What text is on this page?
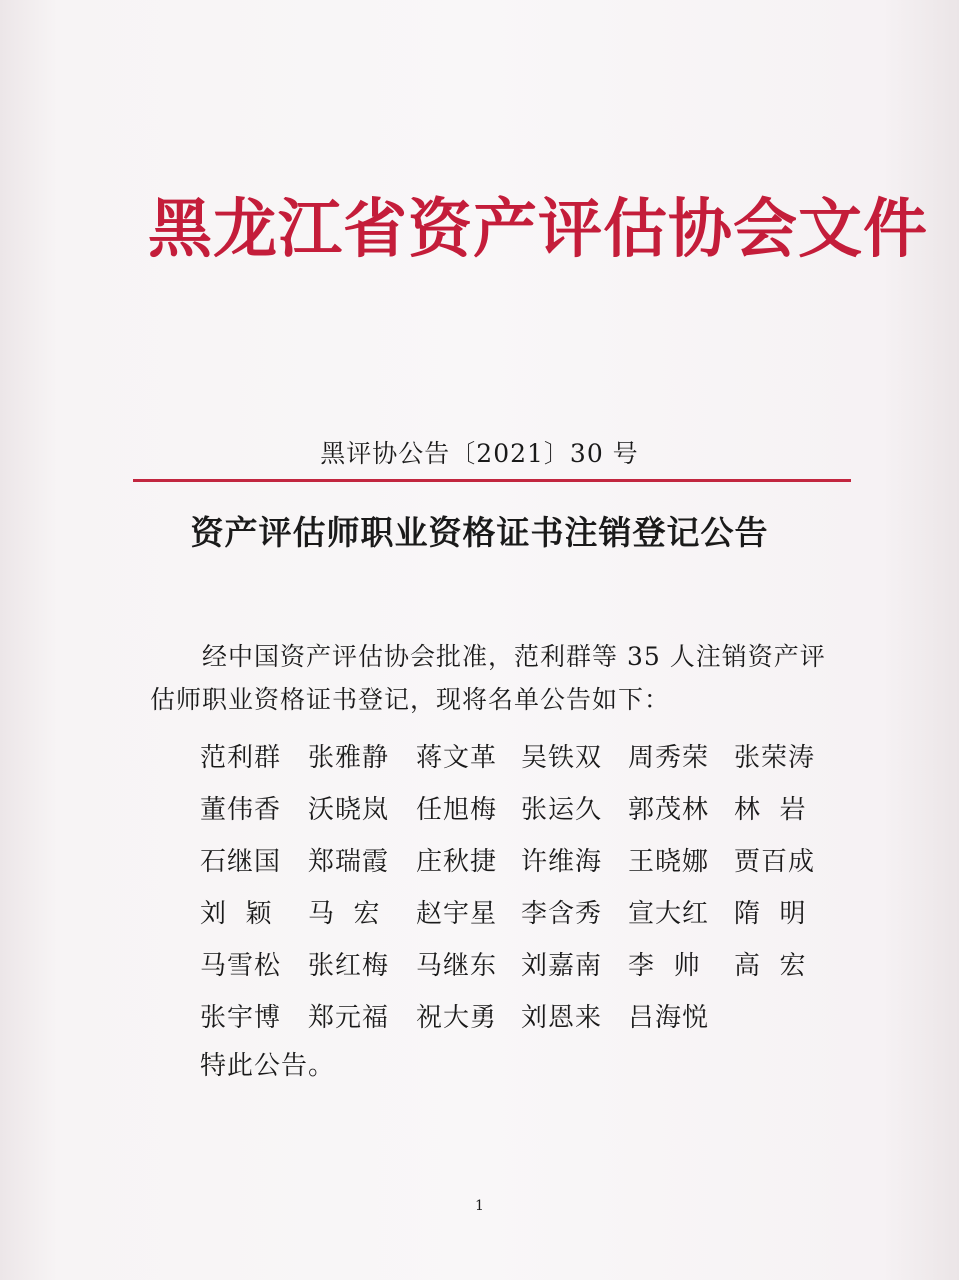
黑龙江省资产评估协会文件
黑评协公告〔2021〕30 号
资产评估师职业资格证书注销登记公告

经中国资产评估协会批准，范利群等 35 人注销资产评估师职业资格证书登记，现将名单公告如下：

范利群 张雅静 蒋文革 吴铁双 周秀荣 张荣涛
董伟香 沃晓岚 任旭梅 张运久 郭茂林 林  岩
石继国 郑瑞霞 庄秋捷 许维海 王晓娜 贾百成
刘  颖 马  宏 赵宇星 李含秀 宣大红 隋  明
马雪松 张红梅 马继东 刘嘉南 李  帅 高  宏
张宇博 郑元福 祝大勇 刘恩来 吕海悦
特此公告。
1
